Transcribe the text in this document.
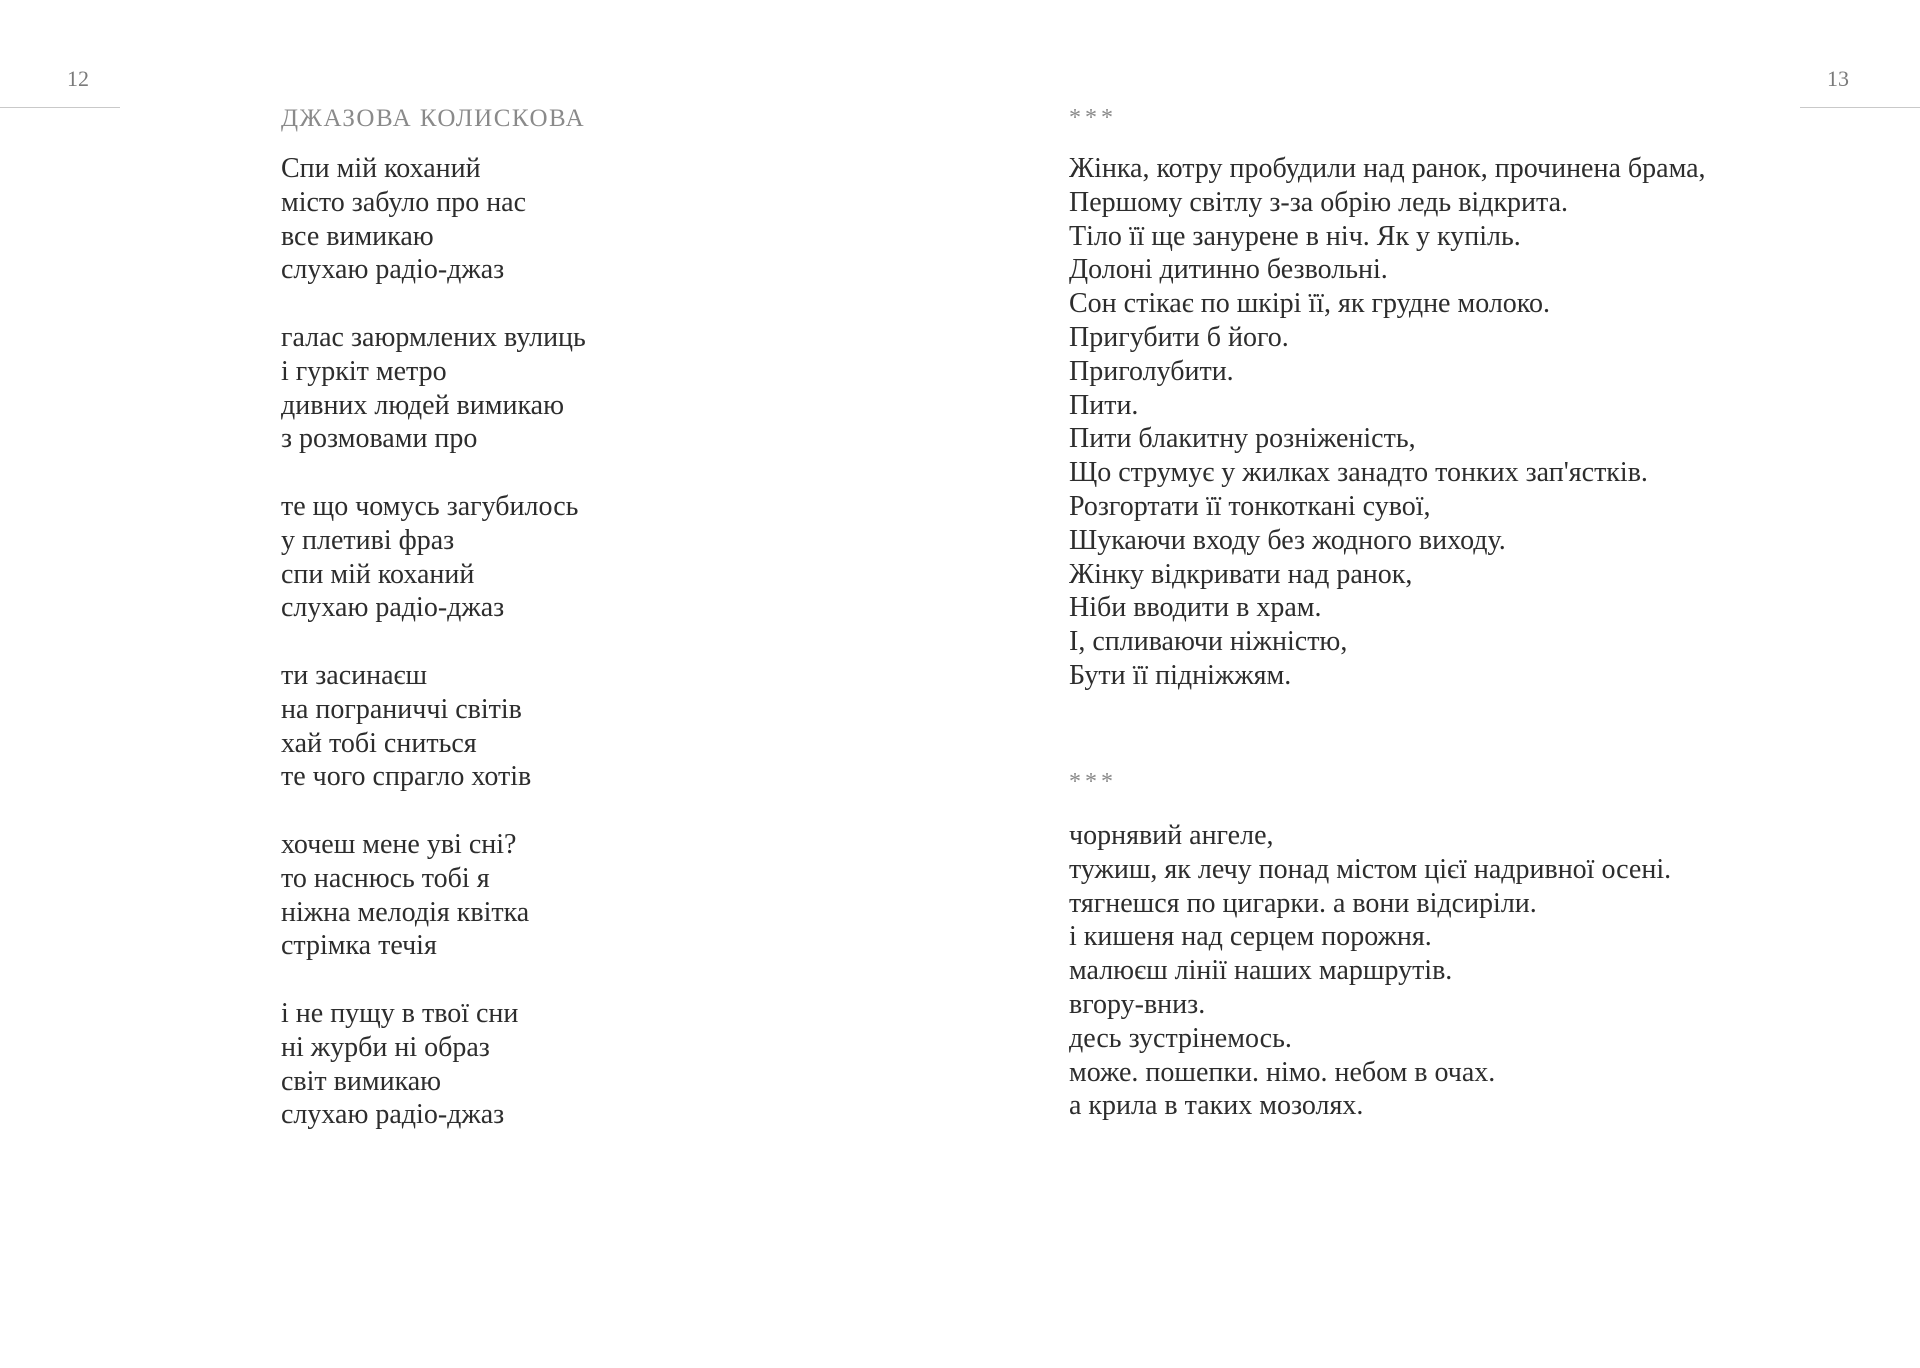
12	13
ДЖАЗОВА КОЛИСКОВА
Спи мій коханий
місто забуло про нас
все вимикаю
слухаю радіо-джаз
галас заюрмлених вулиць
і гуркіт метро
дивних людей вимикаю
з розмовами про
те що чомусь загубилось
у плетиві фраз
спи мій коханий
слухаю радіо-джаз
ти засинаєш
на пограниччі світів
хай тобі сниться
те чого спрагло хотів
хочеш мене уві сні?
то наснюсь тобі я
ніжна мелодія квітка
стрімка течія
і не пущу в твої сни
ні журби ні образ
світ вимикаю
слухаю радіо-джаз
***
Жінка, котру пробудили над ранок, прочинена брама,
Першому світлу з-за обрію ледь відкрита.
Тіло її ще занурене в ніч. Як у купіль.
Долоні дитинно безвольні.
Сон стікає по шкірі її, як грудне молоко.
Пригубити б його.
Приголубити.
Пити.
Пити блакитну розніженість,
Що струмує у жилках занадто тонких зап'ястків.
Розгортати її тонкоткані сувої,
Шукаючи входу без жодного виходу.
Жінку відкривати над ранок,
Ніби вводити в храм.
І, спливаючи ніжністю,
Бути її підніжжям.
***
чорнявий ангеле,
тужиш, як лечу понад містом цієї надривної осені.
тягнешся по цигарки. а вони відсиріли.
і кишеня над серцем порожня.
малюєш лінії наших маршрутів.
вгору-вниз.
десь зустрінемось.
може. пошепки. німо. небом в очах.
а крила в таких мозолях.
